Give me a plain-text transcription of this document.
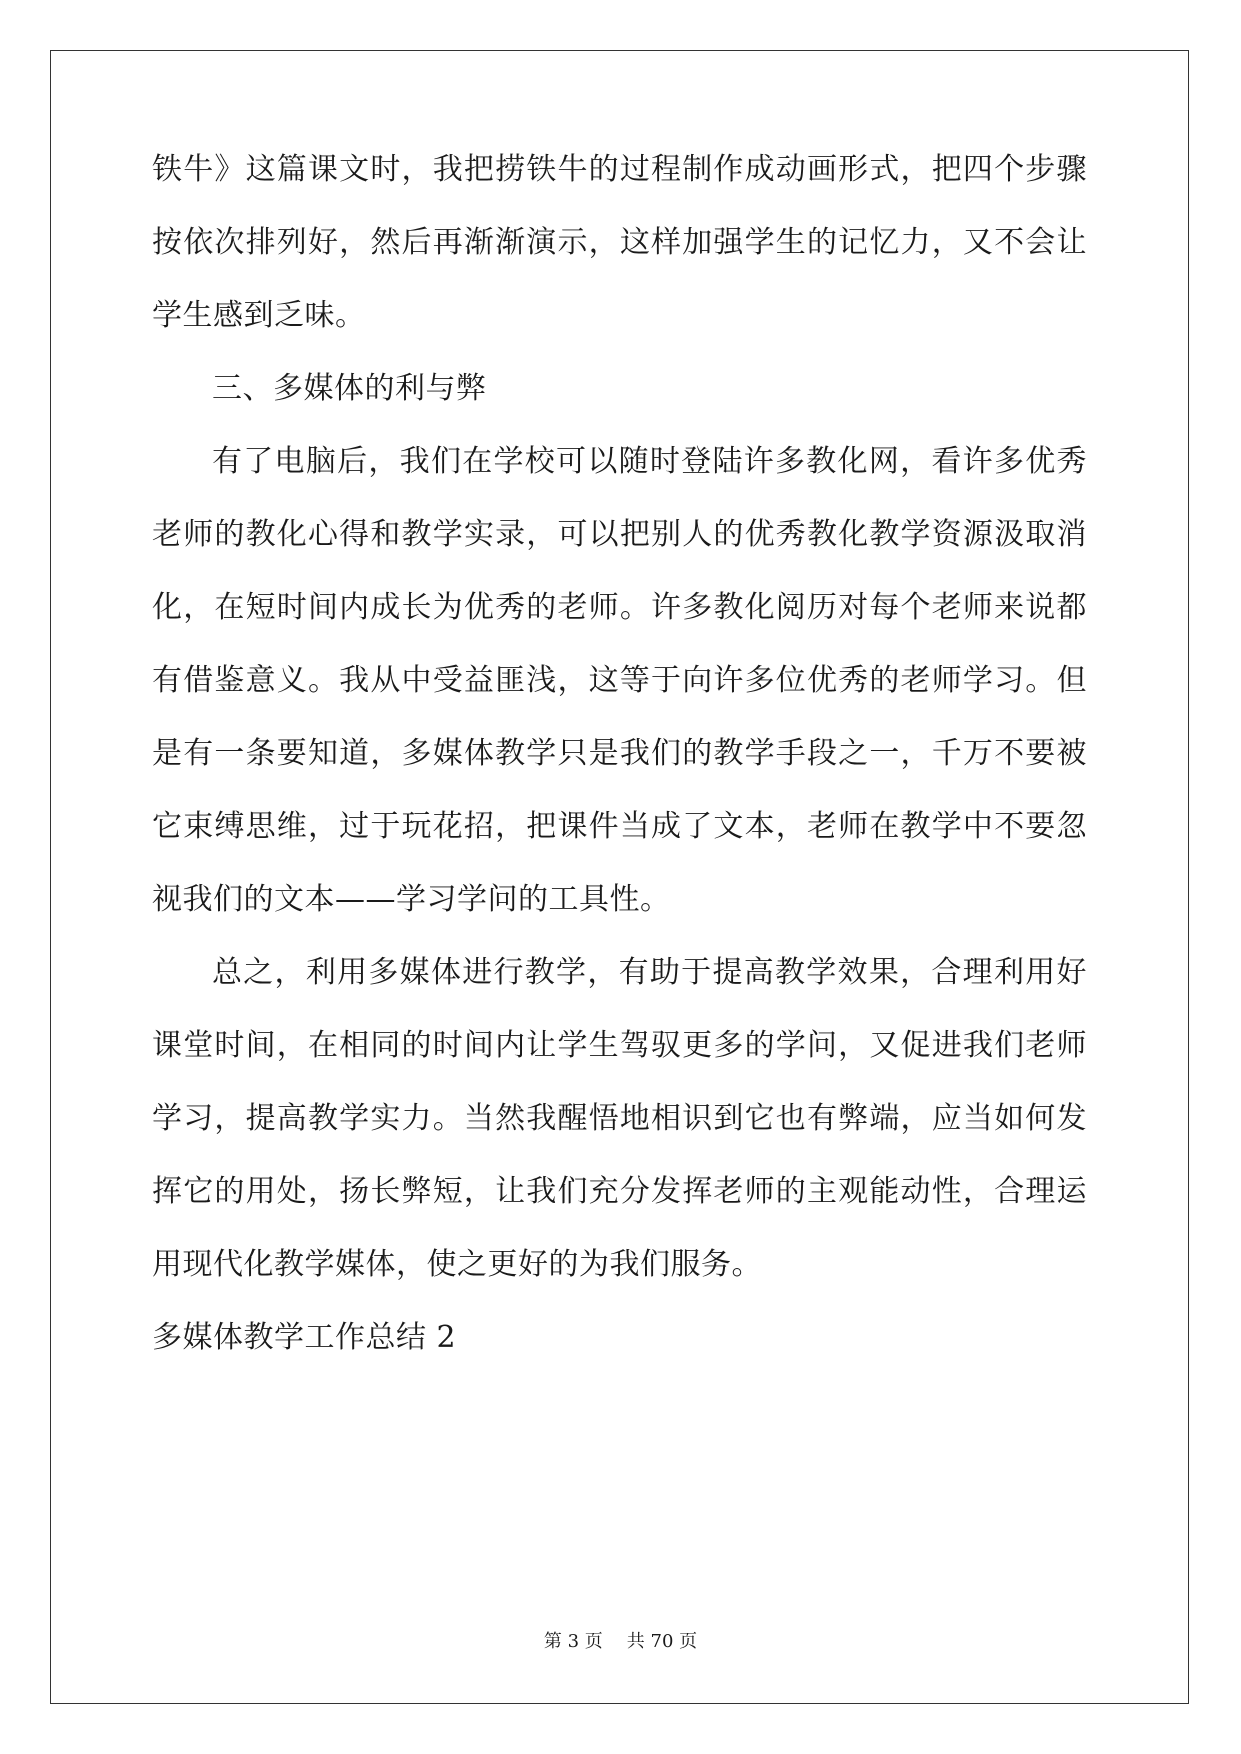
铁牛》这篇课文时，我把捞铁牛的过程制作成动画形式，把四个步骤
按依次排列好，然后再渐渐演示，这样加强学生的记忆力，又不会让
学生感到乏味。
三、多媒体的利与弊
有了电脑后，我们在学校可以随时登陆许多教化网，看许多优秀
老师的教化心得和教学实录，可以把别人的优秀教化教学资源汲取消
化，在短时间内成长为优秀的老师。许多教化阅历对每个老师来说都
有借鉴意义。我从中受益匪浅，这等于向许多位优秀的老师学习。但
是有一条要知道，多媒体教学只是我们的教学手段之一，千万不要被
它束缚思维，过于玩花招，把课件当成了文本，老师在教学中不要忽
视我们的文本——学习学问的工具性。
总之，利用多媒体进行教学，有助于提高教学效果，合理利用好
课堂时间，在相同的时间内让学生驾驭更多的学问，又促进我们老师
学习，提高教学实力。当然我醒悟地相识到它也有弊端，应当如何发
挥它的用处，扬长弊短，让我们充分发挥老师的主观能动性，合理运
用现代化教学媒体，使之更好的为我们服务。
多媒体教学工作总结 2
第 3 页 共 70 页
